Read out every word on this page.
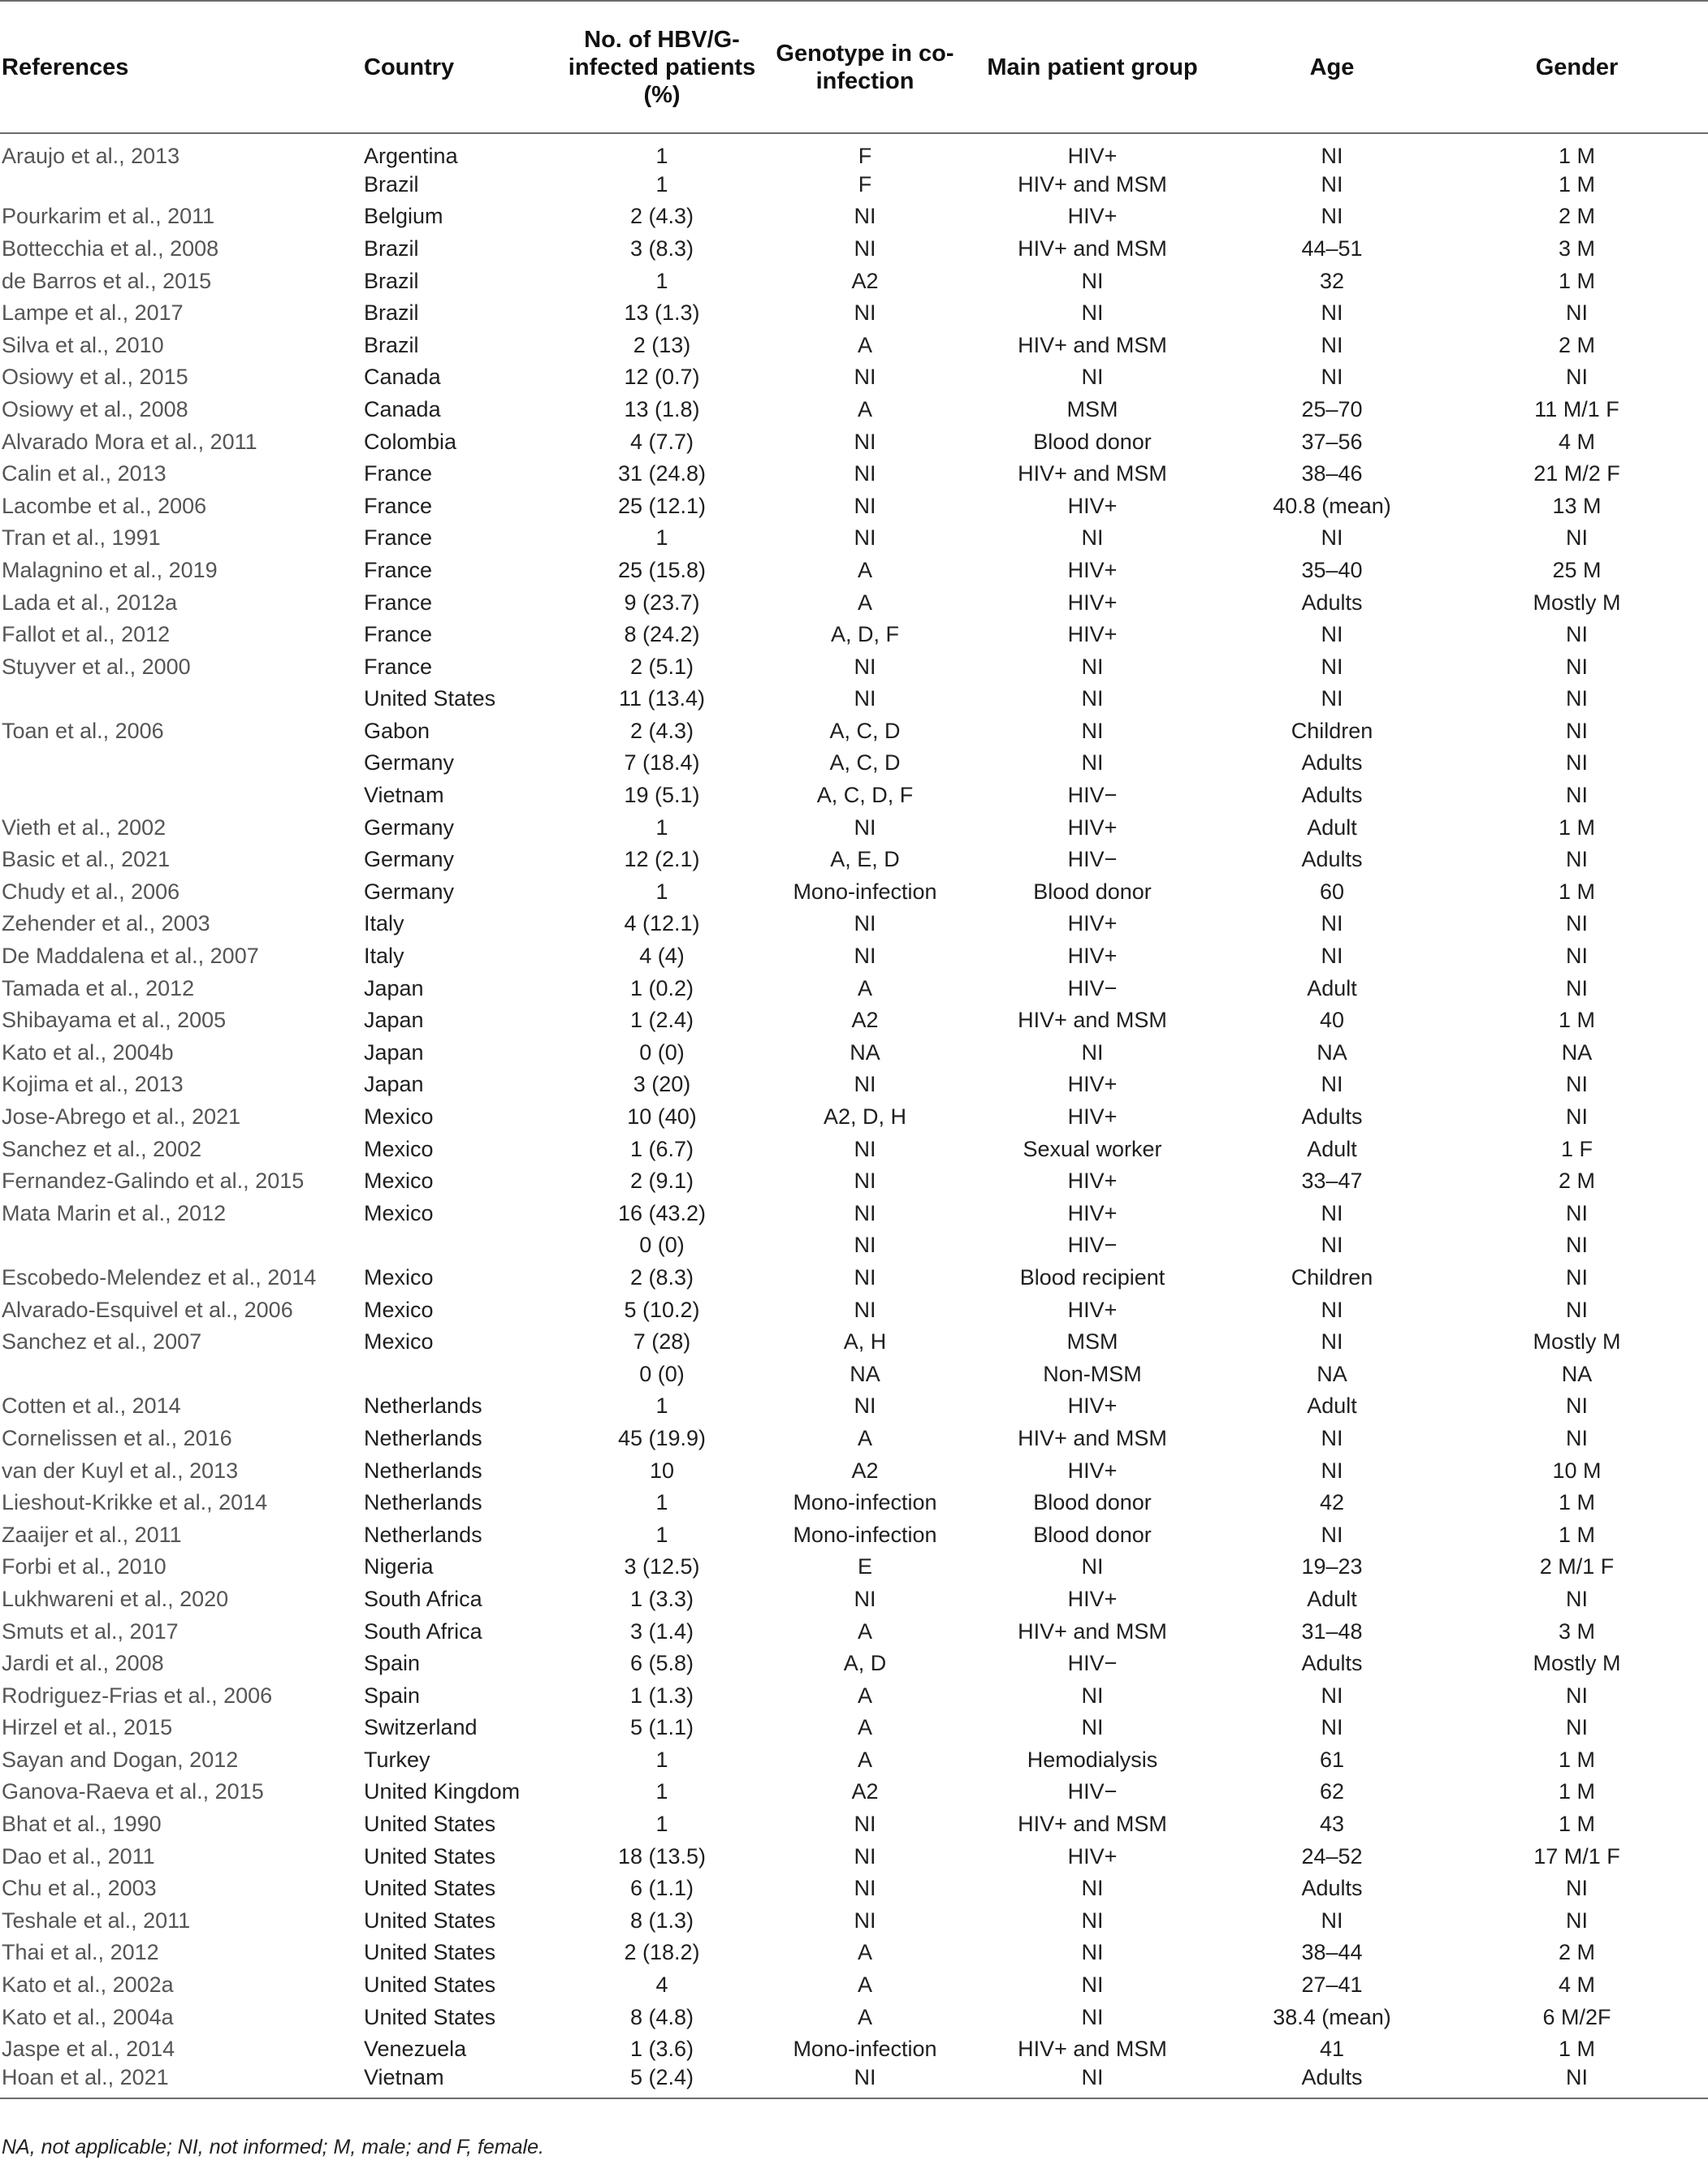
References	Country	No. of HBV/G-infected patients (%)	Genotype in co-infection	Main patient group	Age	Gender
Araujo et al., 2013	Argentina	1	F	HIV+	NI	1 M
	Brazil	1	F	HIV+ and MSM	NI	1 M
Pourkarim et al., 2011	Belgium	2 (4.3)	NI	HIV+	NI	2 M
Bottecchia et al., 2008	Brazil	3 (8.3)	NI	HIV+ and MSM	44–51	3 M
de Barros et al., 2015	Brazil	1	A2	NI	32	1 M
Lampe et al., 2017	Brazil	13 (1.3)	NI	NI	NI	NI
Silva et al., 2010	Brazil	2 (13)	A	HIV+ and MSM	NI	2 M
Osiowy et al., 2015	Canada	12 (0.7)	NI	NI	NI	NI
Osiowy et al., 2008	Canada	13 (1.8)	A	MSM	25–70	11 M/1 F
Alvarado Mora et al., 2011	Colombia	4 (7.7)	NI	Blood donor	37–56	4 M
Calin et al., 2013	France	31 (24.8)	NI	HIV+ and MSM	38–46	21 M/2 F
Lacombe et al., 2006	France	25 (12.1)	NI	HIV+	40.8 (mean)	13 M
Tran et al., 1991	France	1	NI	NI	NI	NI
Malagnino et al., 2019	France	25 (15.8)	A	HIV+	35–40	25 M
Lada et al., 2012a	France	9 (23.7)	A	HIV+	Adults	Mostly M
Fallot et al., 2012	France	8 (24.2)	A, D, F	HIV+	NI	NI
Stuyver et al., 2000	France	2 (5.1)	NI	NI	NI	NI
	United States	11 (13.4)	NI	NI	NI	NI
Toan et al., 2006	Gabon	2 (4.3)	A, C, D	NI	Children	NI
	Germany	7 (18.4)	A, C, D	NI	Adults	NI
	Vietnam	19 (5.1)	A, C, D, F	HIV−	Adults	NI
Vieth et al., 2002	Germany	1	NI	HIV+	Adult	1 M
Basic et al., 2021	Germany	12 (2.1)	A, E, D	HIV−	Adults	NI
Chudy et al., 2006	Germany	1	Mono-infection	Blood donor	60	1 M
Zehender et al., 2003	Italy	4 (12.1)	NI	HIV+	NI	NI
De Maddalena et al., 2007	Italy	4 (4)	NI	HIV+	NI	NI
Tamada et al., 2012	Japan	1 (0.2)	A	HIV−	Adult	NI
Shibayama et al., 2005	Japan	1 (2.4)	A2	HIV+ and MSM	40	1 M
Kato et al., 2004b	Japan	0 (0)	NA	NI	NA	NA
Kojima et al., 2013	Japan	3 (20)	NI	HIV+	NI	NI
Jose-Abrego et al., 2021	Mexico	10 (40)	A2, D, H	HIV+	Adults	NI
Sanchez et al., 2002	Mexico	1 (6.7)	NI	Sexual worker	Adult	1 F
Fernandez-Galindo et al., 2015	Mexico	2 (9.1)	NI	HIV+	33–47	2 M
Mata Marin et al., 2012	Mexico	16 (43.2)	NI	HIV+	NI	NI
		0 (0)	NI	HIV−	NI	NI
Escobedo-Melendez et al., 2014	Mexico	2 (8.3)	NI	Blood recipient	Children	NI
Alvarado-Esquivel et al., 2006	Mexico	5 (10.2)	NI	HIV+	NI	NI
Sanchez et al., 2007	Mexico	7 (28)	A, H	MSM	NI	Mostly M
		0 (0)	NA	Non-MSM	NA	NA
Cotten et al., 2014	Netherlands	1	NI	HIV+	Adult	NI
Cornelissen et al., 2016	Netherlands	45 (19.9)	A	HIV+ and MSM	NI	NI
van der Kuyl et al., 2013	Netherlands	10	A2	HIV+	NI	10 M
Lieshout-Krikke et al., 2014	Netherlands	1	Mono-infection	Blood donor	42	1 M
Zaaijer et al., 2011	Netherlands	1	Mono-infection	Blood donor	NI	1 M
Forbi et al., 2010	Nigeria	3 (12.5)	E	NI	19–23	2 M/1 F
Lukhwareni et al., 2020	South Africa	1 (3.3)	NI	HIV+	Adult	NI
Smuts et al., 2017	South Africa	3 (1.4)	A	HIV+ and MSM	31–48	3 M
Jardi et al., 2008	Spain	6 (5.8)	A, D	HIV−	Adults	Mostly M
Rodriguez-Frias et al., 2006	Spain	1 (1.3)	A	NI	NI	NI
Hirzel et al., 2015	Switzerland	5 (1.1)	A	NI	NI	NI
Sayan and Dogan, 2012	Turkey	1	A	Hemodialysis	61	1 M
Ganova-Raeva et al., 2015	United Kingdom	1	A2	HIV−	62	1 M
Bhat et al., 1990	United States	1	NI	HIV+ and MSM	43	1 M
Dao et al., 2011	United States	18 (13.5)	NI	HIV+	24–52	17 M/1 F
Chu et al., 2003	United States	6 (1.1)	NI	NI	Adults	NI
Teshale et al., 2011	United States	8 (1.3)	NI	NI	NI	NI
Thai et al., 2012	United States	2 (18.2)	A	NI	38–44	2 M
Kato et al., 2002a	United States	4	A	NI	27–41	4 M
Kato et al., 2004a	United States	8 (4.8)	A	NI	38.4 (mean)	6 M/2F
Jaspe et al., 2014	Venezuela	1 (3.6)	Mono-infection	HIV+ and MSM	41	1 M
Hoan et al., 2021	Vietnam	5 (2.4)	NI	NI	Adults	NI
NA, not applicable; NI, not informed; M, male; and F, female.
